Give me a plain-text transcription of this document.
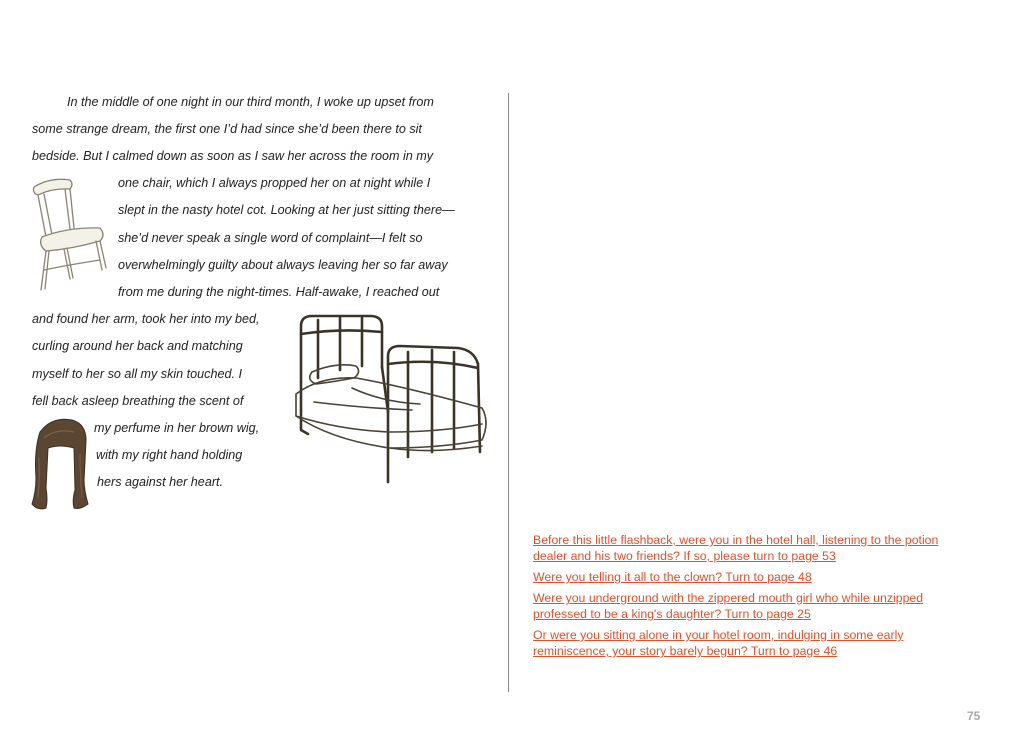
In the middle of one night in our third month, I woke up upset from
some strange dream, the first one I’d had since she’d been there to sit
bedside. But I calmed down as soon as I saw her across the room in my
one chair, which I always propped her on at night while I
slept in the nasty hotel cot. Looking at her just sitting there—
she’d never speak a single word of complaint—I felt so
overwhelmingly guilty about always leaving her so far away
from me during the night-times. Half-awake, I reached out
and found her arm, took her into my bed,
curling around her back and matching
myself to her so all my skin touched. I
fell back asleep breathing the scent of
my perfume in her brown wig,
with my right hand holding
hers against her heart.
Before this little flashback, were you in the hotel hall, listening to the potion
dealer and his two friends? If so, please turn to page 53
Were you telling it all to the clown? Turn to page 48
Were you underground with the zippered mouth girl who while unzipped
professed to be a king's daughter? Turn to page 25
Or were you sitting alone in your hotel room, indulging in some early
reminiscence, your story barely begun? Turn to page 46
75
